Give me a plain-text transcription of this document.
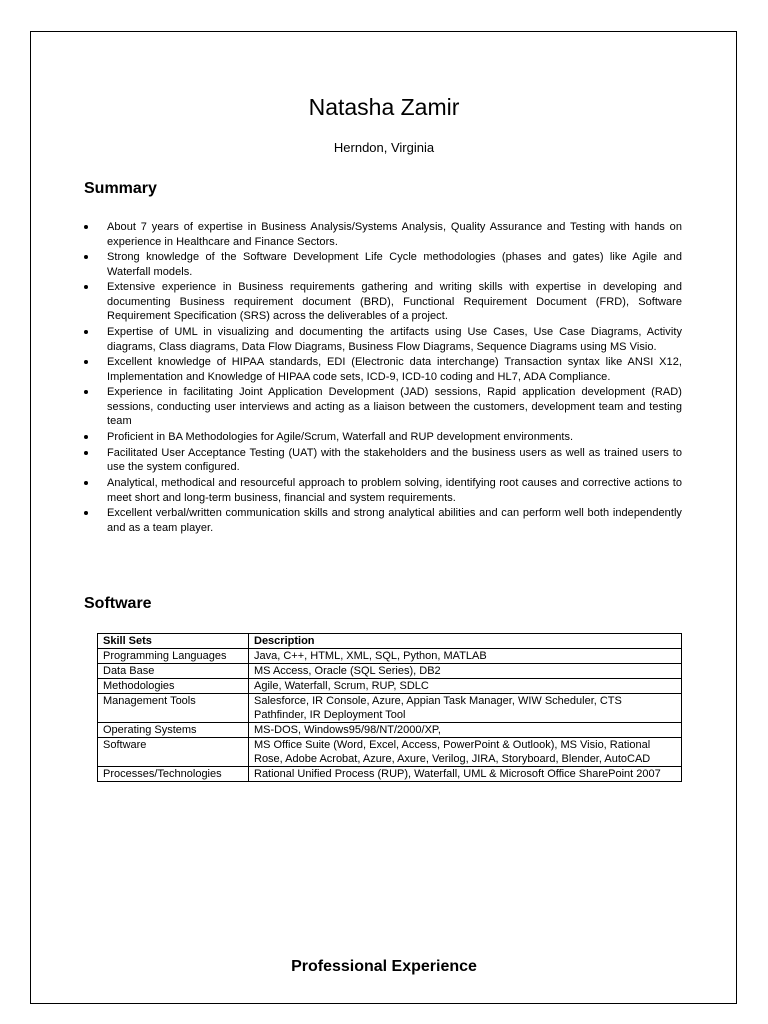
Natasha Zamir
Herndon, Virginia
Summary
About 7 years of expertise in Business Analysis/Systems Analysis, Quality Assurance and Testing with hands on experience in Healthcare and Finance Sectors.
Strong knowledge of the Software Development Life Cycle methodologies (phases and gates) like Agile and Waterfall models.
Extensive experience in Business requirements gathering and writing skills with expertise in developing and documenting Business requirement document (BRD), Functional Requirement Document (FRD), Software Requirement Specification (SRS) across the deliverables of a project.
Expertise of UML in visualizing and documenting the artifacts using Use Cases, Use Case Diagrams, Activity diagrams, Class diagrams, Data Flow Diagrams, Business Flow Diagrams, Sequence Diagrams using MS Visio.
Excellent knowledge of HIPAA standards, EDI (Electronic data interchange) Transaction syntax like ANSI X12, Implementation and Knowledge of HIPAA code sets, ICD-9, ICD-10 coding and HL7, ADA Compliance.
Experience in facilitating Joint Application Development (JAD) sessions, Rapid application development (RAD) sessions, conducting user interviews and acting as a liaison between the customers, development team and testing team
Proficient in BA Methodologies for Agile/Scrum, Waterfall and RUP development environments.
Facilitated User Acceptance Testing (UAT) with the stakeholders and the business users as well as trained users to use the system configured.
Analytical, methodical and resourceful approach to problem solving, identifying root causes and corrective actions to meet short and long-term business, financial and system requirements.
Excellent verbal/written communication skills and strong analytical abilities and can perform well both independently and as a team player.
Software
Skill Sets	Description
Programming Languages	Java, C++, HTML, XML, SQL, Python, MATLAB
Data Base	MS Access, Oracle (SQL Series), DB2
Methodologies	Agile, Waterfall, Scrum, RUP, SDLC
Management Tools	Salesforce, IR Console, Azure, Appian Task Manager, WIW Scheduler, CTS Pathfinder, IR Deployment Tool
Operating Systems	MS-DOS, Windows95/98/NT/2000/XP,
Software	MS Office Suite (Word, Excel, Access, PowerPoint & Outlook), MS Visio, Rational Rose, Adobe Acrobat, Azure, Axure, Verilog, JIRA, Storyboard, Blender, AutoCAD
Processes/Technologies	Rational Unified Process (RUP), Waterfall, UML & Microsoft Office SharePoint 2007
Professional Experience
